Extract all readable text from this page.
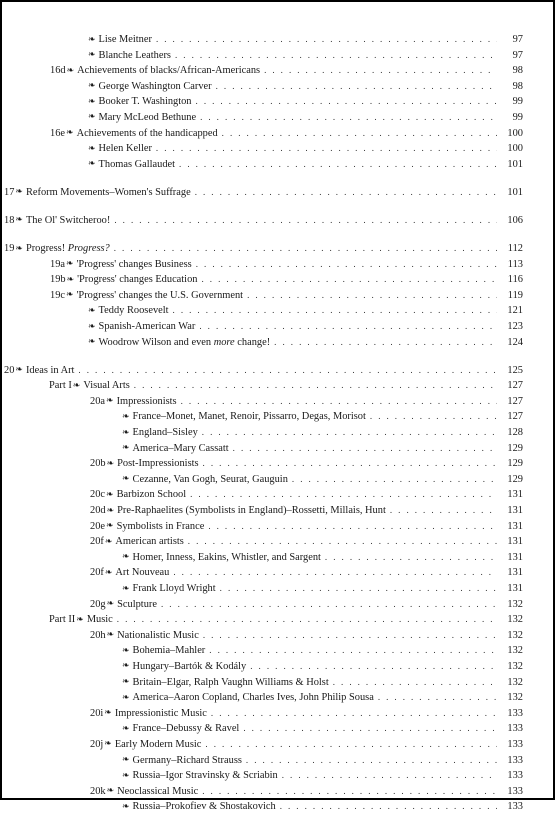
❧ Lise Meitner . . .	97
❧ Blanche Leathers . . .	97
16d ❧ Achievements of blacks/African-Americans . . .	98
❧ George Washington Carver . . .	98
❧ Booker T. Washington . . .	99
❧ Mary McLeod Bethune . . .	99
16e ❧ Achievements of the handicapped . . .	100
❧ Helen Keller . . .	100
❧ Thomas Gallaudet . . .	101
17 ❧ Reform Movements–Women's Suffrage . . .	101
18 ❧ The Ol' Switcheroo! . . .	106
19 ❧ Progress! Progress? . . .	112
19a ❧ 'Progress' changes Business . . .	113
19b ❧ 'Progress' changes Education . . .	116
19c ❧ 'Progress' changes the U.S. Government . . .	119
❧ Teddy Roosevelt . . .	121
❧ Spanish-American War . . .	123
❧ Woodrow Wilson and even more change! . . .	124
20 ❧ Ideas in Art . . .	125
Part I ❧ Visual Arts . . .	127
20a ❧ Impressionists . . .	127
❧ France–Monet, Manet, Renoir, Pissarro, Degas, Morisot . . .	127
❧ England–Sisley . . .	128
❧ America–Mary Cassatt . . .	129
20b ❧ Post-Impressionists . . .	129
❧ Cezanne, Van Gogh, Seurat, Gauguin . . .	129
20c ❧ Barbizon School . . .	131
20d ❧ Pre-Raphaelites (Symbolists in England)–Rossetti, Millais, Hunt . . .	131
20e ❧ Symbolists in France . . .	131
20f ❧ American artists . . .	131
❧ Homer, Inness, Eakins, Whistler, and Sargent . . .	131
20f ❧ Art Nouveau . . .	131
❧ Frank Lloyd Wright . . .	131
20g ❧ Sculpture . . .	132
Part II ❧ Music . . .	132
20h ❧ Nationalistic Music . . .	132
❧ Bohemia–Mahler . . .	132
❧ Hungary–Bartók & Kodály . . .	132
❧ Britain–Elgar, Ralph Vaughn Williams & Holst . . .	132
❧ America–Aaron Copland, Charles Ives, John Philip Sousa . . .	132
20i ❧ Impressionistic Music . . .	133
❧ France–Debussy & Ravel . . .	133
20j ❧ Early Modern Music . . .	133
❧ Germany–Richard Strauss . . .	133
❧ Russia–Igor Stravinsky & Scriabin . . .	133
20k ❧ Neoclassical Music . . .	133
❧ Russia–Prokofiev & Shostakovich . . .	133
